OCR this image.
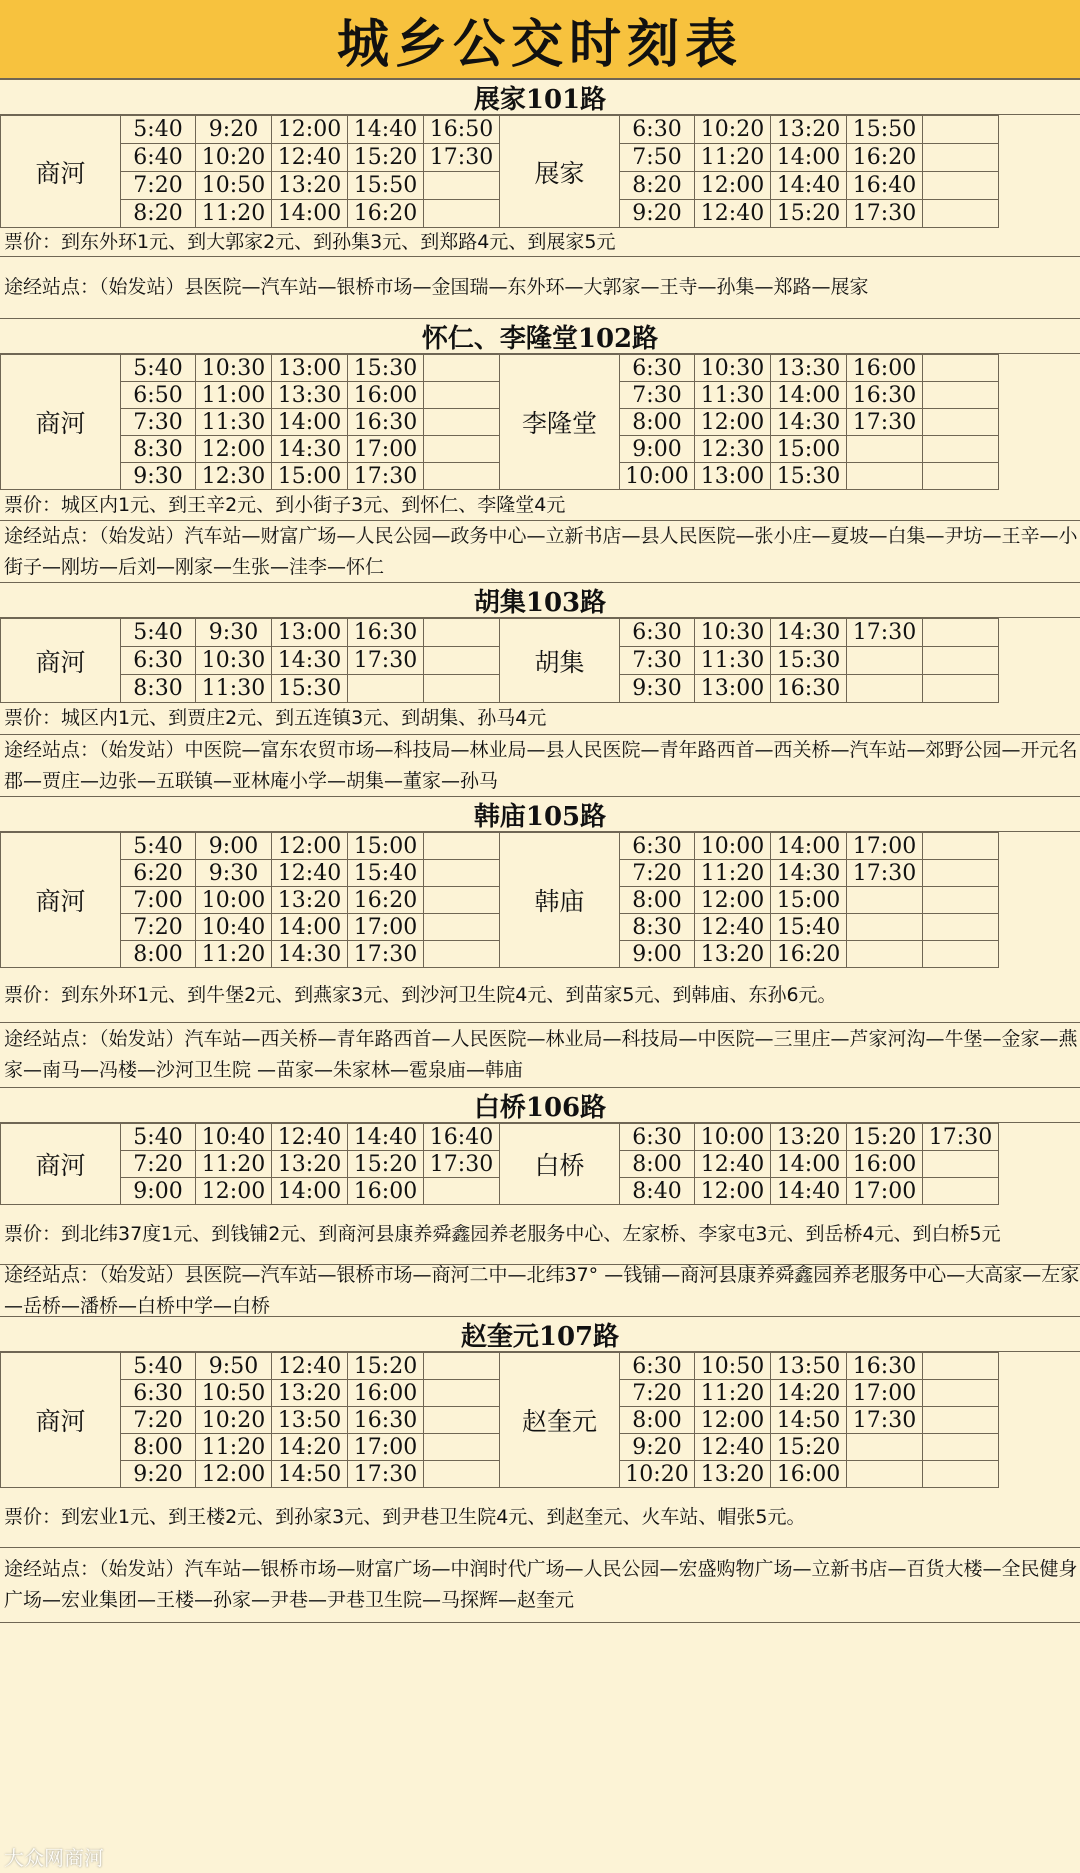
城乡公交时刻表
展家101路
商河	5:40	9:20	12:00	14:40	16:50	展家	6:30	10:20	13:20	15:50	
	6:40	10:20	12:40	15:20	17:30		7:50	11:20	14:00	16:20	
	7:20	10:50	13:20	15:50			8:20	12:00	14:40	16:40	
	8:20	11:20	14:00	16:20			9:20	12:40	15:20	17:30	
票价：到东外环1元、到大郭家2元、到孙集3元、到郑路4元、到展家5元
途经站点：（始发站）县医院—汽车站—银桥市场—金国瑞—东外环—大郭家—王寺—孙集—郑路—展家
怀仁、李隆堂102路
商河	5:40	10:30	13:00	15:30		李隆堂	6:30	10:30	13:30	16:00	
	6:50	11:00	13:30	16:00			7:30	11:30	14:00	16:30	
	7:30	11:30	14:00	16:30			8:00	12:00	14:30	17:30	
	8:30	12:00	14:30	17:00			9:00	12:30	15:00		
	9:30	12:30	15:00	17:30			10:00	13:00	15:30		
票价：城区内1元、到王辛2元、到小街子3元、到怀仁、李隆堂4元
途经站点：（始发站）汽车站—财富广场—人民公园—政务中心—立新书店—县人民医院—张小庄—夏坡—白集—尹坊—王辛—小街子—刚坊—后刘—刚家—生张—洼李—怀仁
胡集103路
商河	5:40	9:30	13:00	16:30		胡集	6:30	10:30	14:30	17:30	
	6:30	10:30	14:30	17:30			7:30	11:30	15:30		
	8:30	11:30	15:30				9:30	13:00	16:30		
票价：城区内1元、到贾庄2元、到五连镇3元、到胡集、孙马4元
途经站点：（始发站）中医院—富东农贸市场—科技局—林业局—县人民医院—青年路西首—西关桥—汽车站—郊野公园—开元名郡—贾庄—边张—五联镇—亚林庵小学—胡集—董家—孙马
韩庙105路
商河	5:40	9:00	12:00	15:00		韩庙	6:30	10:00	14:00	17:00	
	6:20	9:30	12:40	15:40			7:20	11:20	14:30	17:30	
	7:00	10:00	13:20	16:20			8:00	12:00	15:00		
	7:20	10:40	14:00	17:00			8:30	12:40	15:40		
	8:00	11:20	14:30	17:30			9:00	13:20	16:20		
票价：到东外环1元、到牛堡2元、到燕家3元、到沙河卫生院4元、到苗家5元、到韩庙、东孙6元。
途经站点：（始发站）汽车站—西关桥—青年路西首—人民医院—林业局—科技局—中医院—三里庄—芦家河沟—牛堡—金家—燕家—南马—冯楼—沙河卫生院 —苗家—朱家林—雹泉庙—韩庙
白桥106路
商河	5:40	10:40	12:40	14:40	16:40	白桥	6:30	10:00	13:20	15:20	17:30
	7:20	11:20	13:20	15:20	17:30		8:00	12:40	14:00	16:00	
	9:00	12:00	14:00	16:00			8:40	12:00	14:40	17:00	
票价：到北纬37度1元、到钱铺2元、到商河县康养舜鑫园养老服务中心、左家桥、李家屯3元、到岳桥4元、到白桥5元
途经站点：（始发站）县医院—汽车站—银桥市场—商河二中—北纬37° —钱铺—商河县康养舜鑫园养老服务中心—大高家—左家—岳桥—潘桥—白桥中学—白桥
赵奎元107路
商河	5:40	9:50	12:40	15:20		赵奎元	6:30	10:50	13:50	16:30	
	6:30	10:50	13:20	16:00			7:20	11:20	14:20	17:00	
	7:20	10:20	13:50	16:30			8:00	12:00	14:50	17:30	
	8:00	11:20	14:20	17:00			9:20	12:40	15:20		
	9:20	12:00	14:50	17:30			10:20	13:20	16:00		
票价：到宏业1元、到王楼2元、到孙家3元、到尹巷卫生院4元、到赵奎元、火车站、帽张5元。
途经站点：（始发站）汽车站—银桥市场—财富广场—中润时代广场—人民公园—宏盛购物广场—立新书店—百货大楼—全民健身广场—宏业集团—王楼—孙家—尹巷—尹巷卫生院—马探辉—赵奎元
大众网商河
